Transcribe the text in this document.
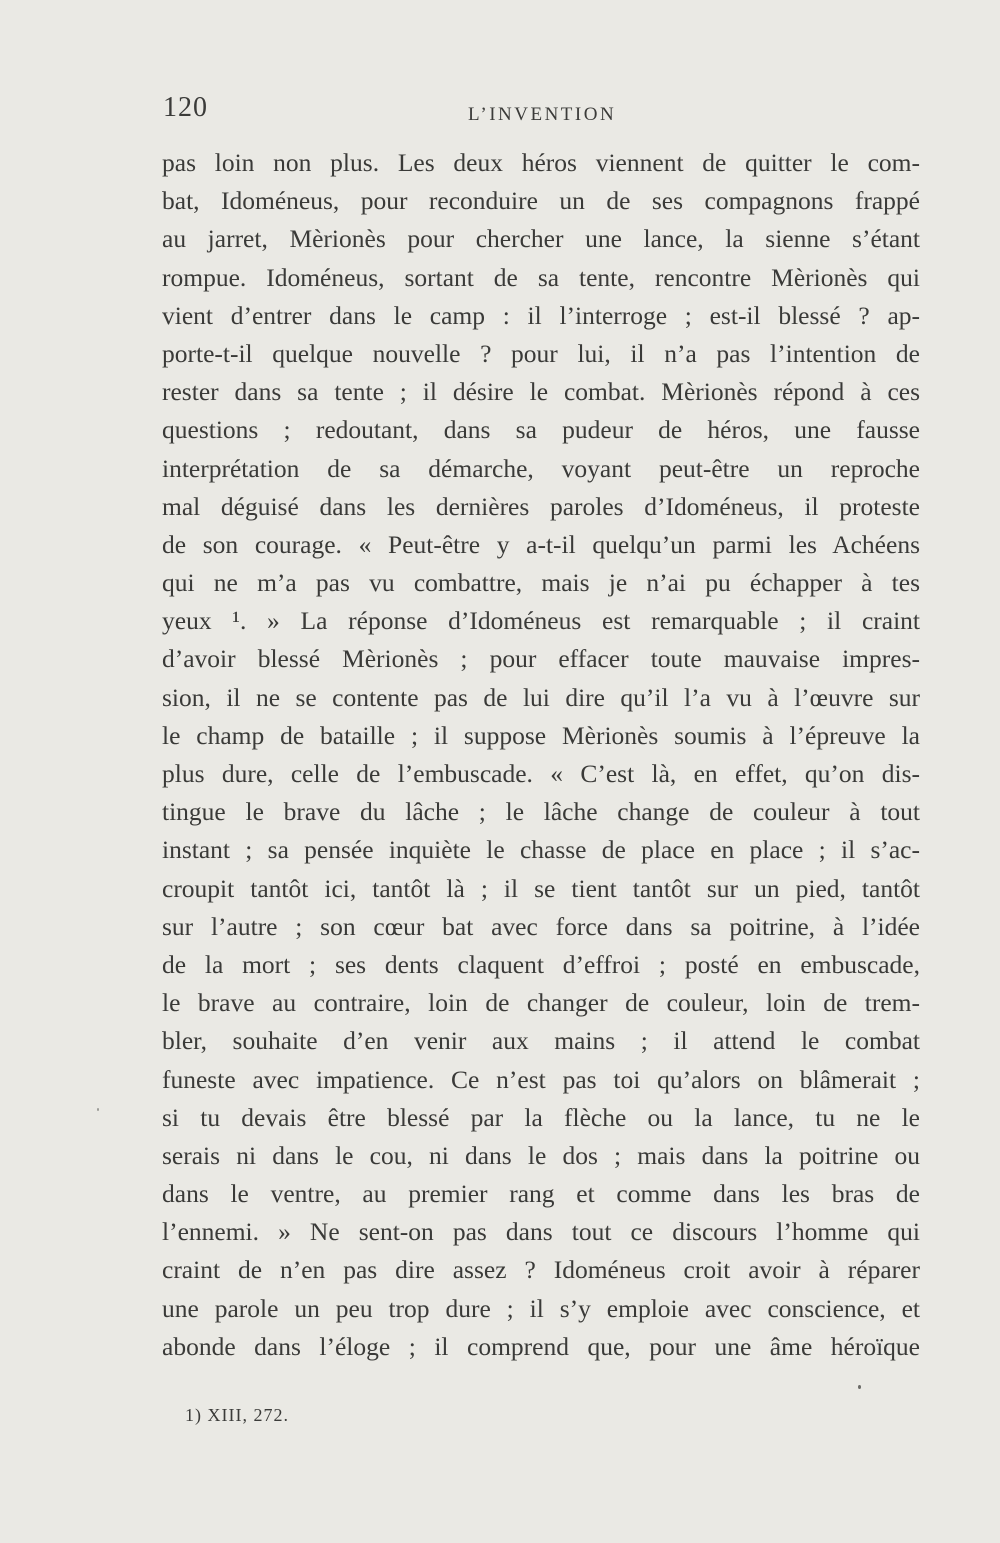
120	L’INVENTION
pas loin non plus. Les deux héros viennent de quitter le com-
bat, Idoméneus, pour reconduire un de ses compagnons frappé
au jarret, Mèrionès pour chercher une lance, la sienne s’étant
rompue. Idoméneus, sortant de sa tente, rencontre Mèrionès qui
vient d’entrer dans le camp : il l’interroge ; est-il blessé ? ap-
porte-t-il quelque nouvelle ? pour lui, il n’a pas l’intention de
rester dans sa tente ; il désire le combat. Mèrionès répond à ces
questions ; redoutant, dans sa pudeur de héros, une fausse
interprétation de sa démarche, voyant peut-être un reproche
mal déguisé dans les dernières paroles d’Idoméneus, il proteste
de son courage. « Peut-être y a-t-il quelqu’un parmi les Achéens
qui ne m’a pas vu combattre, mais je n’ai pu échapper à tes
yeux ¹. » La réponse d’Idoméneus est remarquable ; il craint
d’avoir blessé Mèrionès ; pour effacer toute mauvaise impres-
sion, il ne se contente pas de lui dire qu’il l’a vu à l’œuvre sur
le champ de bataille ; il suppose Mèrionès soumis à l’épreuve la
plus dure, celle de l’embuscade. « C’est là, en effet, qu’on dis-
tingue le brave du lâche ; le lâche change de couleur à tout
instant ; sa pensée inquiète le chasse de place en place ; il s’ac-
croupit tantôt ici, tantôt là ; il se tient tantôt sur un pied, tantôt
sur l’autre ; son cœur bat avec force dans sa poitrine, à l’idée
de la mort ; ses dents claquent d’effroi ; posté en embuscade,
le brave au contraire, loin de changer de couleur, loin de trem-
bler, souhaite d’en venir aux mains ; il attend le combat
funeste avec impatience. Ce n’est pas toi qu’alors on blâmerait ;
si tu devais être blessé par la flèche ou la lance, tu ne le
serais ni dans le cou, ni dans le dos ; mais dans la poitrine ou
dans le ventre, au premier rang et comme dans les bras de
l’ennemi. » Ne sent-on pas dans tout ce discours l’homme qui
craint de n’en pas dire assez ? Idoméneus croit avoir à réparer
une parole un peu trop dure ; il s’y emploie avec conscience, et
abonde dans l’éloge ; il comprend que, pour une âme héroïque
1) XIII, 272.
